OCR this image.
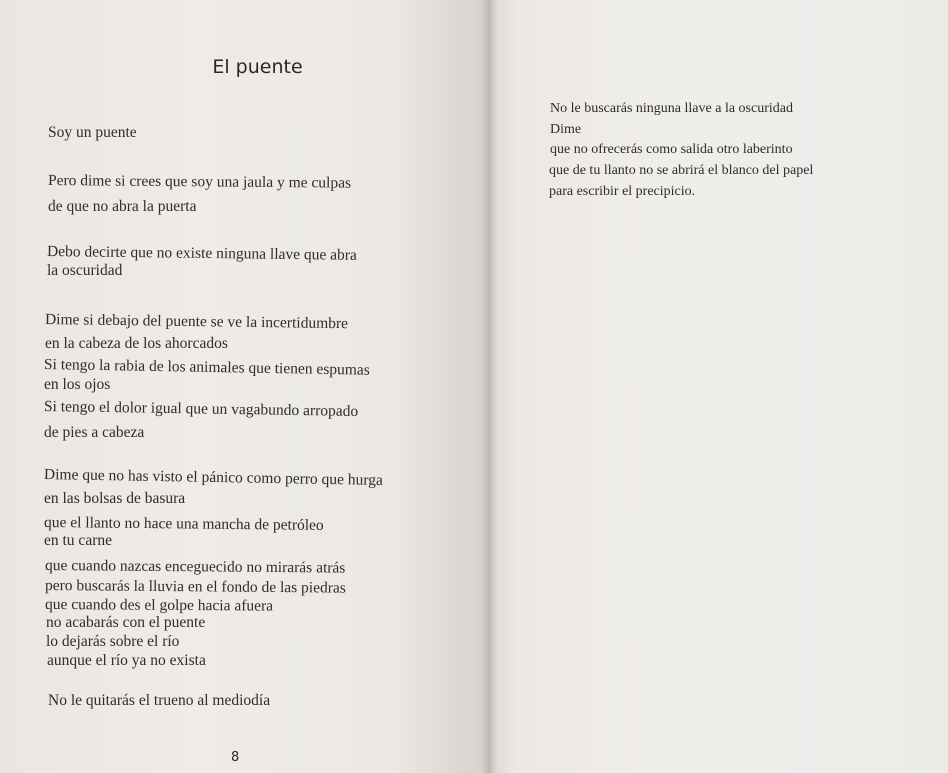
El puente
Soy un puente
Pero dime si crees que soy una jaula y me culpas
de que no abra la puerta
Debo decirte que no existe ninguna llave que abra
la oscuridad
Dime si debajo del puente se ve la incertidumbre
en la cabeza de los ahorcados
Si tengo la rabia de los animales que tienen espumas
en los ojos
Si tengo el dolor igual que un vagabundo arropado
de pies a cabeza
Dime que no has visto el pánico como perro que hurga
en las bolsas de basura
que el llanto no hace una mancha de petróleo
en tu carne
que cuando nazcas enceguecido no mirarás atrás
pero buscarás la lluvia en el fondo de las piedras
que cuando des el golpe hacia afuera
no acabarás con el puente
lo dejarás sobre el río
aunque el río ya no exista
No le quitarás el trueno al mediodía
8
No le buscarás ninguna llave a la oscuridad
Dime
que no ofrecerás como salida otro laberinto
que de tu llanto no se abrirá el blanco del papel
para escribir el precipicio.
